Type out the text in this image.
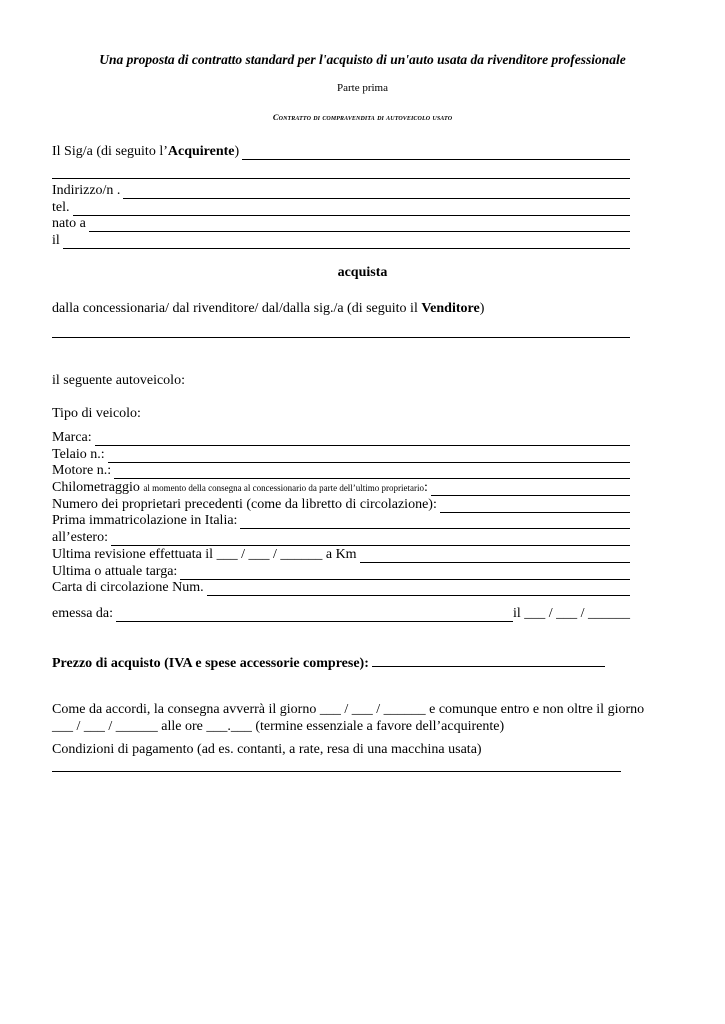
Una proposta di contratto standard per l'acquisto di un'auto usata da rivenditore professionale
Parte prima
Contratto di compravendita di autoveicolo usato
Il Sig/a (di seguito l’Acquirente)
Indirizzo/n .
tel.
nato a
il
acquista
dalla concessionaria/ dal rivenditore/ dal/dalla sig./a (di seguito il Venditore)
il seguente autoveicolo:
Tipo di veicolo:
Marca:
Telaio n.:
Motore n.:
Chilometraggio al momento della consegna al concessionario da parte dell’ultimo proprietario:
Numero dei proprietari precedenti (come da libretto di circolazione):
Prima immatricolazione in Italia:
all’estero:
Ultima revisione effettuata il ___ / ___ / ______ a Km
Ultima o attuale targa:
Carta di circolazione Num.
emessa da:	il ___ / ___ / ______
Prezzo di acquisto (IVA e spese accessorie comprese):
Come da accordi, la consegna avverrà il giorno ___ / ___ / ______ e comunque entro e non oltre il giorno
___ / ___ / ______ alle ore ___.___ (termine essenziale a favore dell’acquirente)
Condizioni di pagamento (ad es. contanti, a rate, resa di una macchina usata)
